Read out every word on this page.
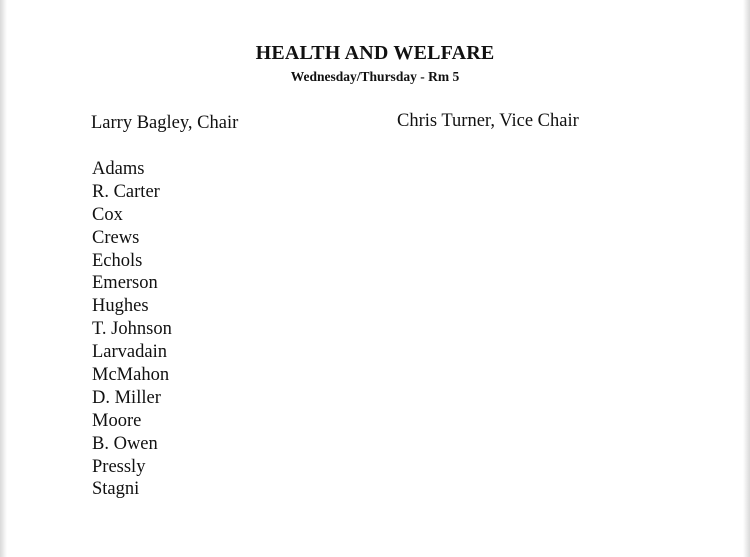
HEALTH AND WELFARE
Wednesday/Thursday - Rm 5
Larry Bagley, Chair	Chris Turner, Vice Chair
Adams
R. Carter
Cox
Crews
Echols
Emerson
Hughes
T. Johnson
Larvadain
McMahon
D. Miller
Moore
B. Owen
Pressly
Stagni
